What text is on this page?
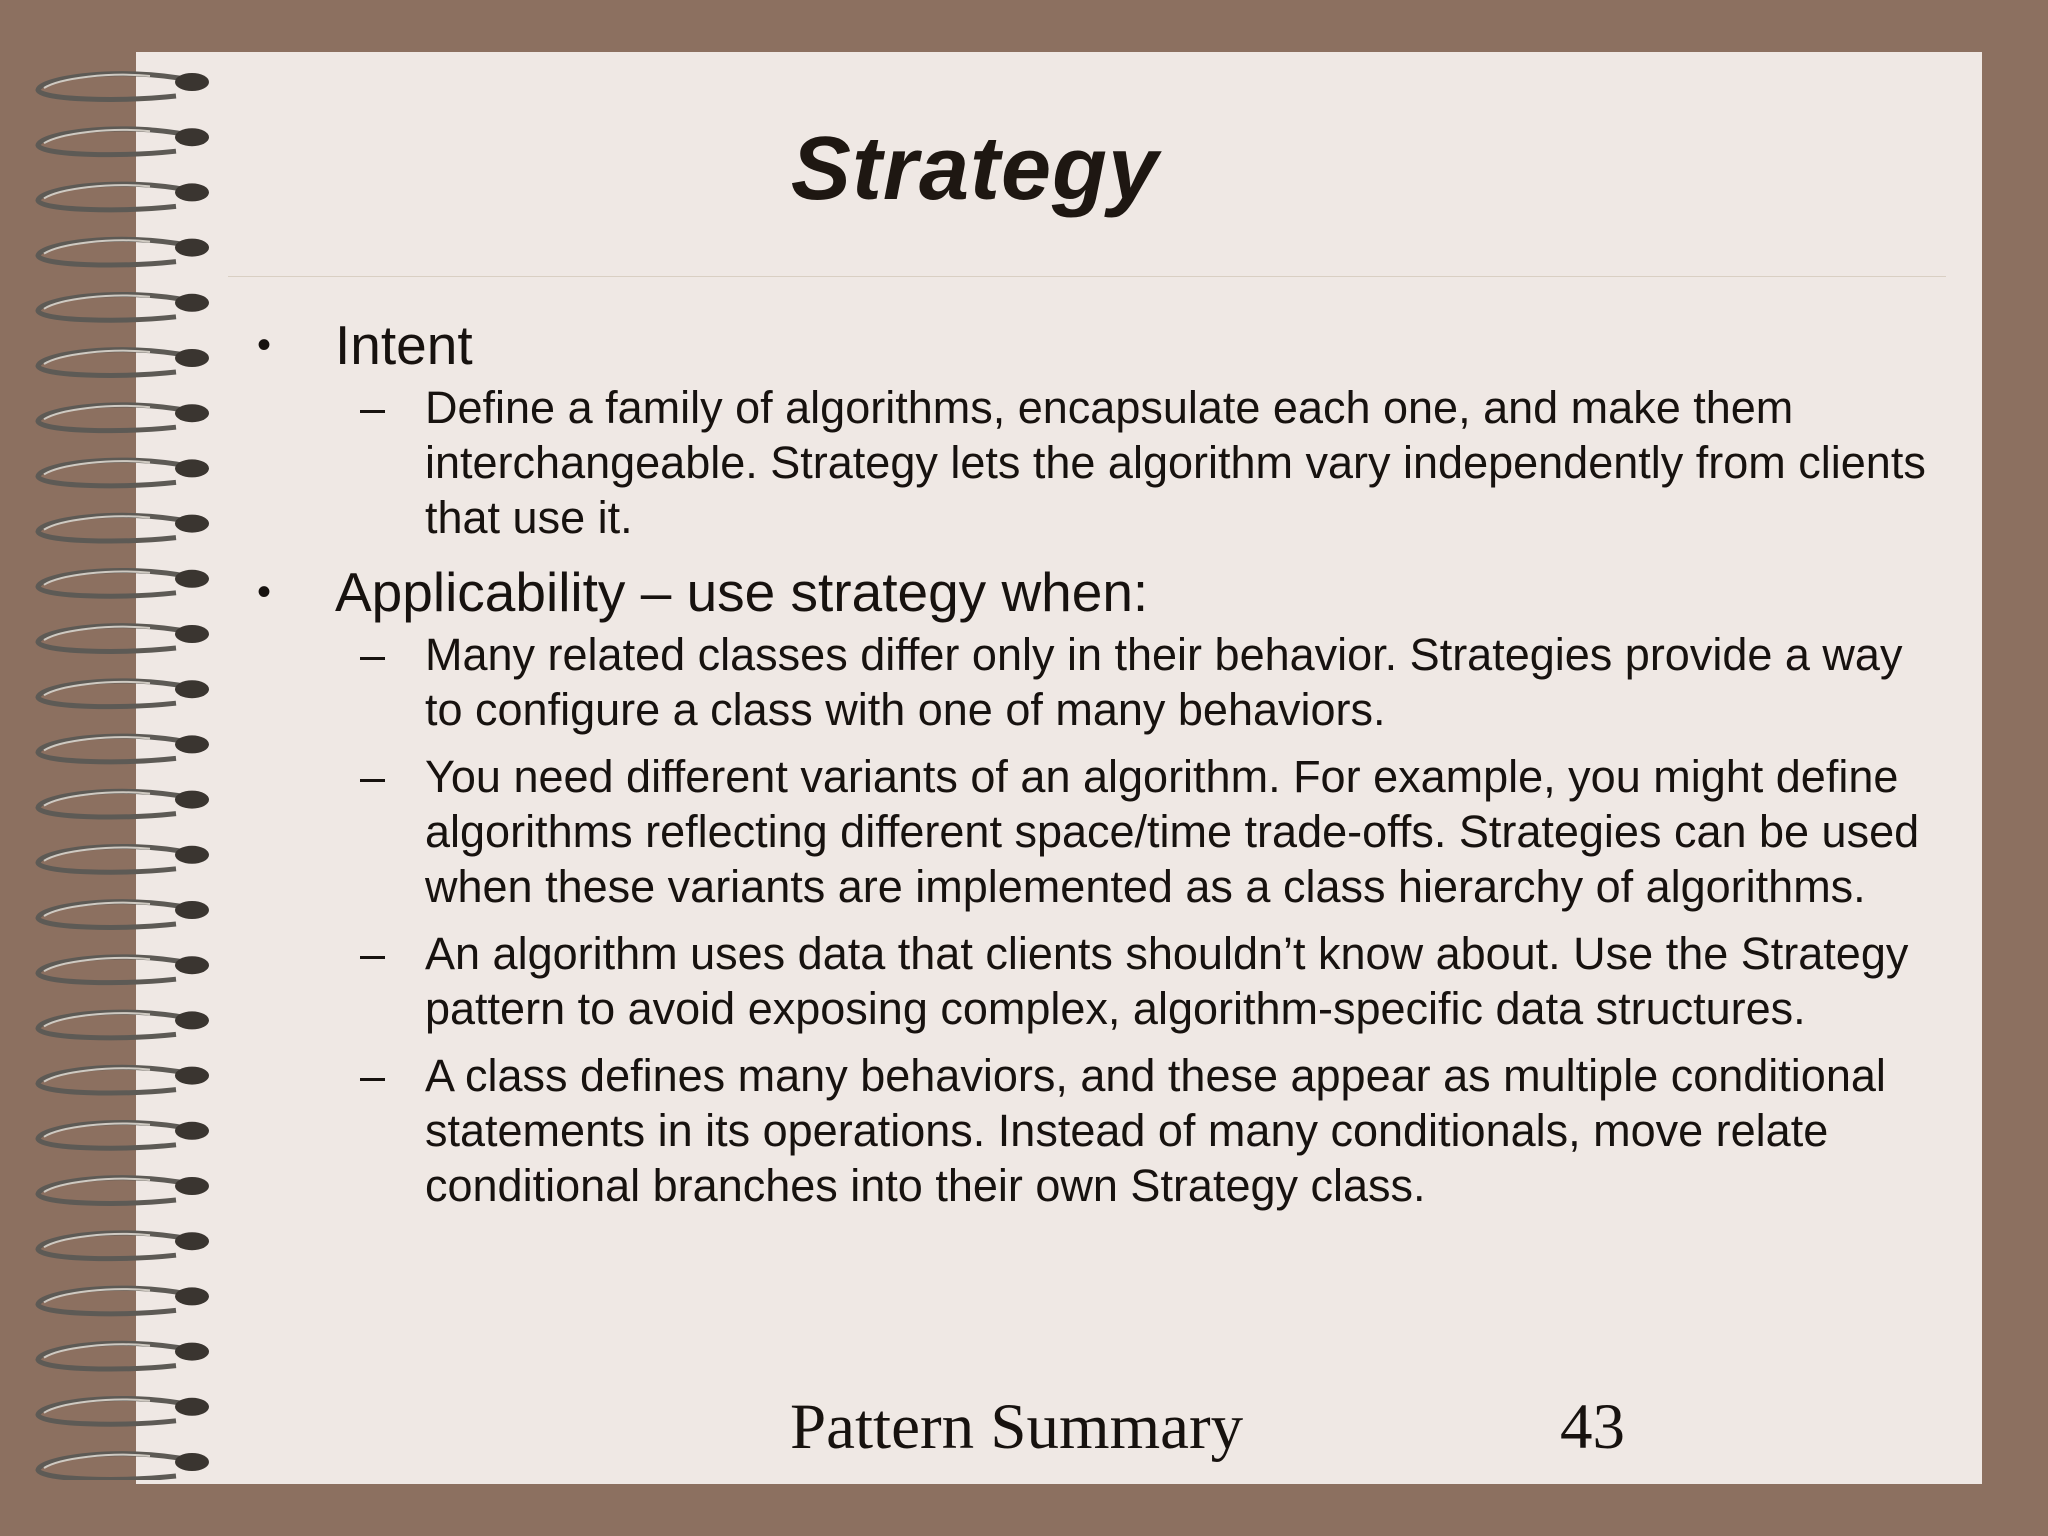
Strategy
• Intent
– Define a family of algorithms, encapsulate each one, and make them interchangeable. Strategy lets the algorithm vary independently from clients that use it.
• Applicability – use strategy when:
– Many related classes differ only in their behavior. Strategies provide a way to configure a class with one of many behaviors.
– You need different variants of an algorithm. For example, you might define algorithms reflecting different space/time trade-offs. Strategies can be used when these variants are implemented as a class hierarchy of algorithms.
– An algorithm uses data that clients shouldn’t know about. Use the Strategy pattern to avoid exposing complex, algorithm-specific data structures.
– A class defines many behaviors, and these appear as multiple conditional statements in its operations. Instead of many conditionals, move relate conditional branches into their own Strategy class.
Pattern Summary	43
